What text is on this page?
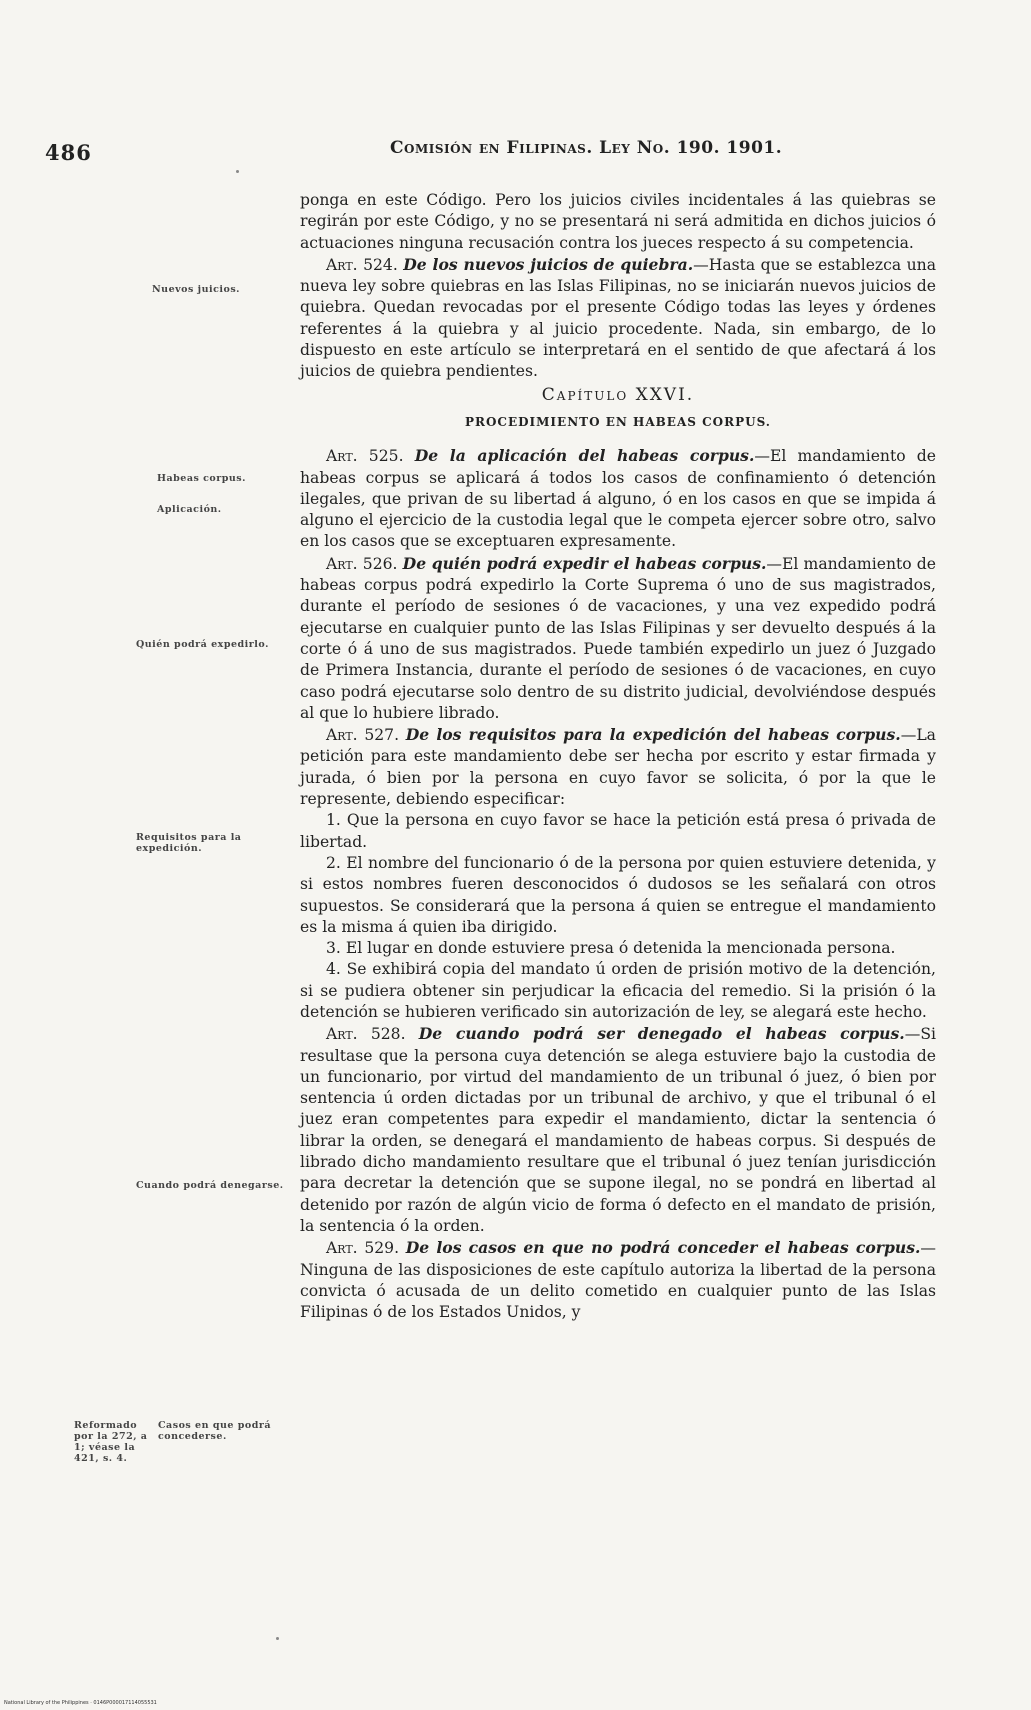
486	Comisión en Filipinas. Ley No. 190. 1901.
Nuevos juicios.
Habeas corpus.
Aplicación.
Quién podrá expedirlo.
Requisitos para la expedición.
Cuando podrá denegarse.
Reformado por la 272, a 1; véase la 421, s. 4.
Casos en que podrá concederse.

ponga en este Código. Pero los juicios civiles incidentales á las quiebras se regirán por este Código, y no se presentará ni será admitida en dichos juicios ó actuaciones ninguna recusación contra los jueces respecto á su competencia.

Art. 524. De los nuevos juicios de quiebra.—Hasta que se establezca una nueva ley sobre quiebras en las Islas Filipinas, no se iniciarán nuevos juicios de quiebra. Quedan revocadas por el presente Código todas las leyes y órdenes referentes á la quiebra y al juicio procedente. Nada, sin embargo, de lo dispuesto en este artículo se interpretará en el sentido de que afectará á los juicios de quiebra pendientes.

Capítulo XXVI.
PROCEDIMIENTO EN HABEAS CORPUS.

Art. 525. De la aplicación del habeas corpus.—El mandamiento de habeas corpus se aplicará á todos los casos de confinamiento ó detención ilegales, que privan de su libertad á alguno, ó en los casos en que se impida á alguno el ejercicio de la custodia legal que le competa ejercer sobre otro, salvo en los casos que se exceptuaren expresamente.

Art. 526. De quién podrá expedir el habeas corpus.—El mandamiento de habeas corpus podrá expedirlo la Corte Suprema ó uno de sus magistrados, durante el período de sesiones ó de vacaciones, y una vez expedido podrá ejecutarse en cualquier punto de las Islas Filipinas y ser devuelto después á la corte ó á uno de sus magistrados. Puede también expedirlo un juez ó Juzgado de Primera Instancia, durante el período de sesiones ó de vacaciones, en cuyo caso podrá ejecutarse solo dentro de su distrito judicial, devolviéndose después al que lo hubiere librado.

Art. 527. De los requisitos para la expedición del habeas corpus.—La petición para este mandamiento debe ser hecha por escrito y estar firmada y jurada, ó bien por la persona en cuyo favor se solicita, ó por la que le represente, debiendo especificar:

1. Que la persona en cuyo favor se hace la petición está presa ó privada de libertad.

2. El nombre del funcionario ó de la persona por quien estuviere detenida, y si estos nombres fueren desconocidos ó dudosos se les señalará con otros supuestos. Se considerará que la persona á quien se entregue el mandamiento es la misma á quien iba dirigido.

3. El lugar en donde estuviere presa ó detenida la mencionada persona.

4. Se exhibirá copia del mandato ú orden de prisión motivo de la detención, si se pudiera obtener sin perjudicar la eficacia del remedio. Si la prisión ó la detención se hubieren verificado sin autorización de ley, se alegará este hecho.

Art. 528. De cuando podrá ser denegado el habeas corpus.—Si resultase que la persona cuya detención se alega estuviere bajo la custodia de un funcionario, por virtud del mandamiento de un tribunal ó juez, ó bien por sentencia ú orden dictadas por un tribunal de archivo, y que el tribunal ó el juez eran competentes para expedir el mandamiento, dictar la sentencia ó librar la orden, se denegará el mandamiento de habeas corpus. Si después de librado dicho mandamiento resultare que el tribunal ó juez tenían jurisdicción para decretar la detención que se supone ilegal, no se pondrá en libertad al detenido por razón de algún vicio de forma ó defecto en el mandato de prisión, la sentencia ó la orden.

Art. 529. De los casos en que no podrá conceder el habeas corpus.—Ninguna de las disposiciones de este capítulo autoriza la libertad de la persona convicta ó acusada de un delito cometido en cualquier punto de las Islas Filipinas ó de los Estados Unidos, y

National Library of the Philippines · 0146P000017114055531
